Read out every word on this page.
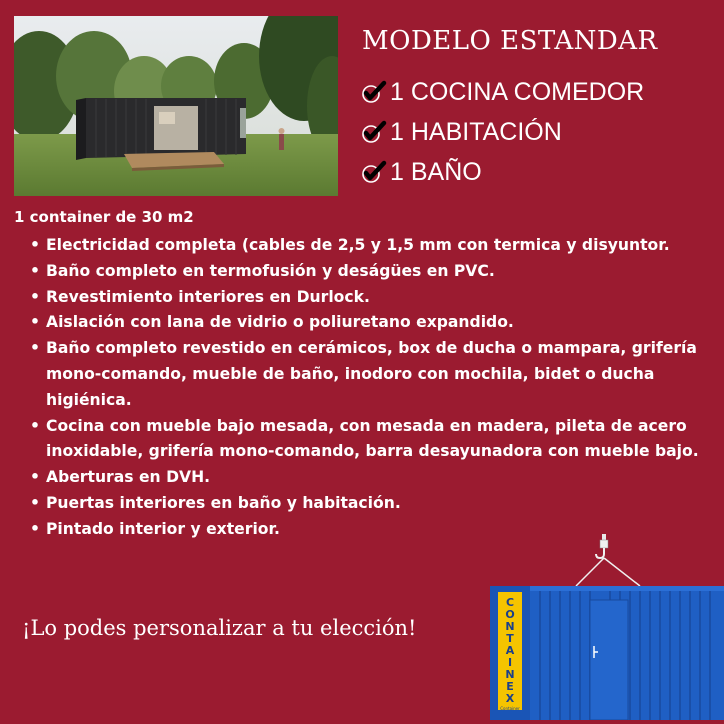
MODELO ESTANDAR
1 COCINA COMEDOR
1 HABITACIÓN
1 BAÑO
1 container de 30 m2
• Electricidad completa (cables de 2,5 y 1,5 mm con termica y disyuntor.
• Baño completo en termofusión y deságües en PVC.
• Revestimiento interiores en Durlock.
• Aislación con lana de vidrio o poliuretano expandido.
• Baño completo revestido en cerámicos, box de ducha o mampara, grifería mono-comando, mueble de baño, inodoro con mochila, bidet o ducha higiénica.
• Cocina con mueble bajo mesada, con mesada en madera, pileta de acero inoxidable, grifería mono-comando, barra desayunadora con mueble bajo.
• Aberturas en DVH.
• Puertas interiores en baño y habitación.
• Pintado interior y exterior.
¡Lo podes personalizar a tu elección!	CONTAINEX
Container
